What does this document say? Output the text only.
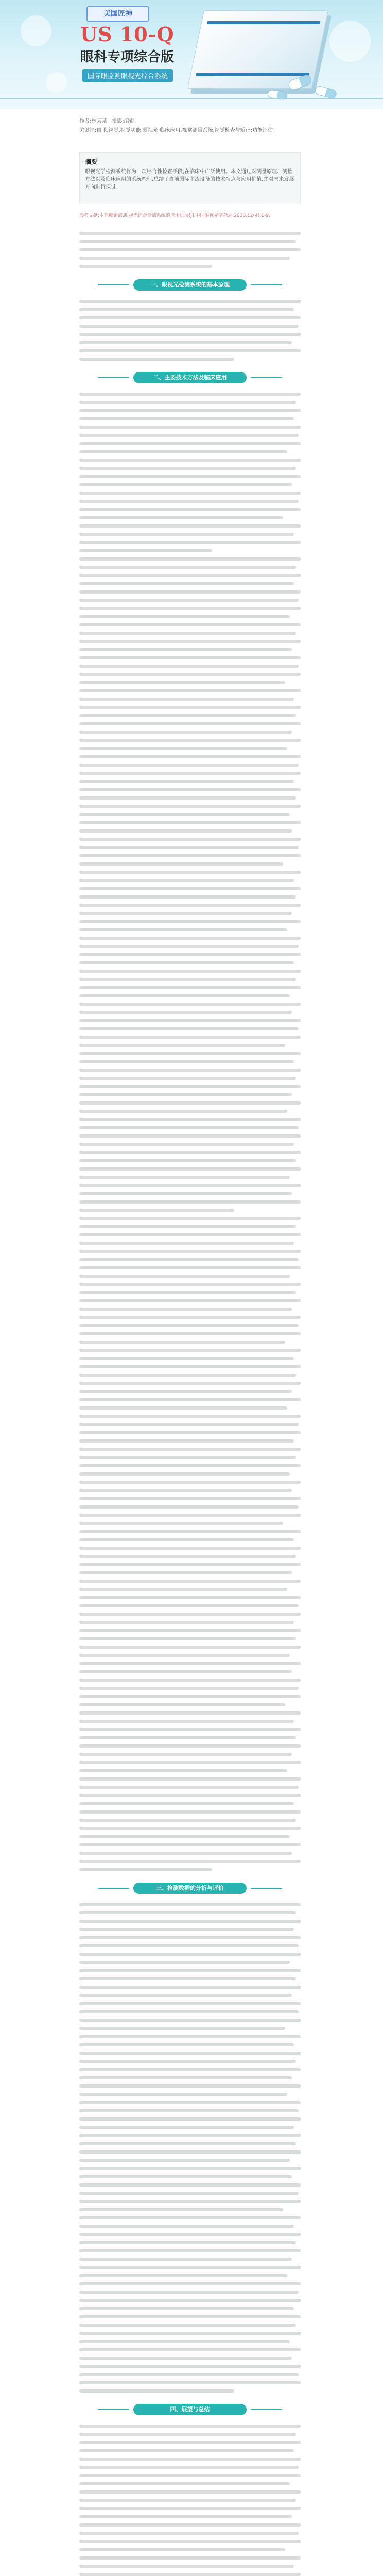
美国匠神
US 10-Q
眼科专项综合版
国际眼监测眼视光综合系统
作者:林某某　摄影:编辑
关键词:自眼,视觉,视觉功能,眼视光;临床应用,视觉测量系统,视觉检查与矫正;功能评估
摘要
眼视光学检测系统作为一项综合性检查手段,在临床中广泛使用。本文通过对测量原理、测量方法以及临床应用的系统梳理,总结了当前国际主流设备的技术特点与应用价值,并对未来发展方向进行探讨。
参考文献:本刊编辑部.眼视光综合检测系统的应用进展[J].中国眼视光学杂志,2023,12(4):1-9.
一、眼视光检测系统的基本原理
二、主要技术方法及临床应用
三、检测数据的分析与评价
四、展望与总结
